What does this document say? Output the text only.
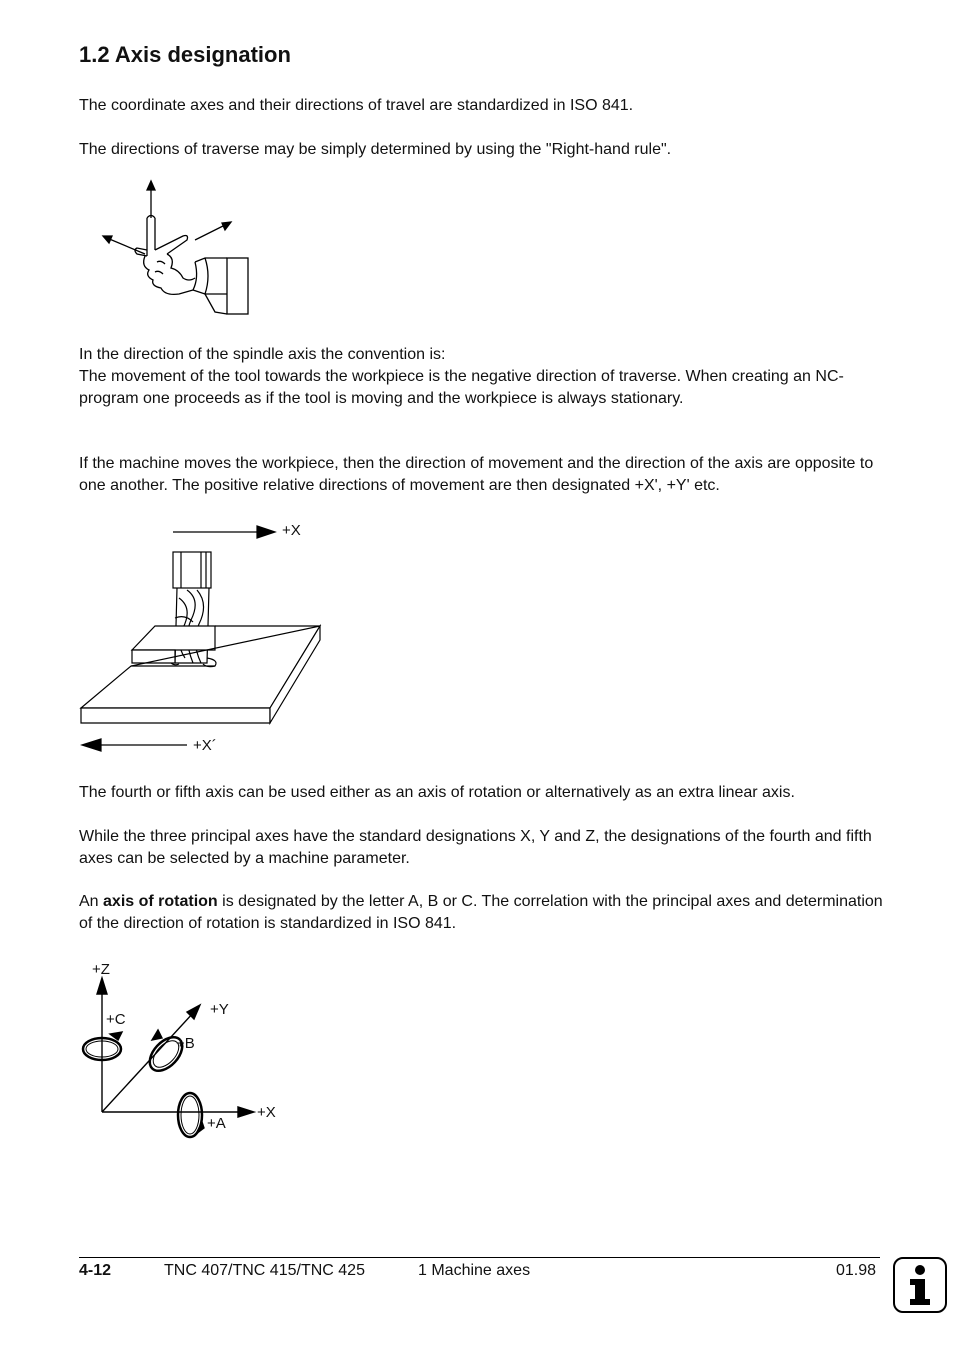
1.2 Axis designation

The coordinate axes and their directions of travel are standardized in ISO 841.

The directions of traverse may be simply determined by using the "Right-hand rule".

In the direction of the spindle axis the convention is:

The movement of the tool towards the workpiece is the negative direction of traverse. When creating an NC-program one proceeds as if the tool is moving and the workpiece is always stationary.

If the machine moves the workpiece, then the direction of movement and the direction of the axis are opposite to one another. The positive relative directions of movement are then designated +X', +Y' etc.

+X
+X´

The fourth or fifth axis can be used either as an axis of rotation or alternatively as an extra linear axis.

While the three principal axes have the standard designations X, Y and Z, the designations of the fourth and fifth axes can be selected by a machine parameter.

An axis of rotation is designated by the letter A, B or C. The correlation with the principal axes and determination of the direction of rotation is standardized in ISO 841.

+Z
+C
+Y
+B
+X
+A
4-12	TNC 407/TNC 415/TNC 425	1 Machine axes	01.98
